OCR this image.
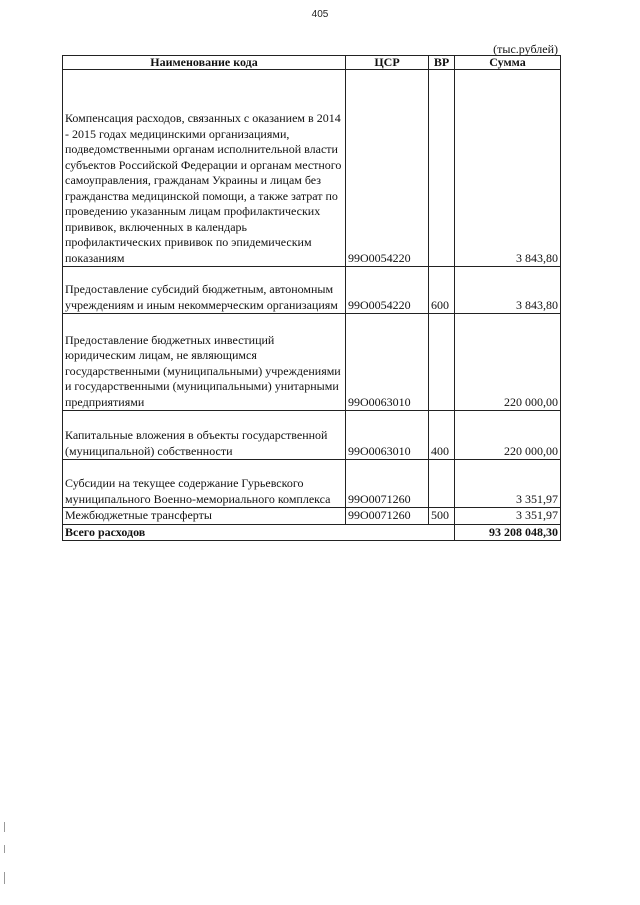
405
(тыс.рублей)
Наименование кода	ЦСР	ВР	Сумма
Компенсация расходов, связанных с оказанием в 2014 - 2015 годах медицинскими организациями, подведомственными органам исполнительной власти субъектов Российской Федерации и органам местного самоуправления, гражданам Украины и лицам без гражданства медицинской помощи, а также затрат по проведению указанным лицам профилактических прививок, включенных в календарь профилактических прививок по эпидемическим показаниям	99О0054220		3 843,80
Предоставление субсидий бюджетным, автономным учреждениям и иным некоммерческим организациям	99О0054220	600	3 843,80
Предоставление бюджетных инвестиций юридическим лицам, не являющимся государственными (муниципальными) учреждениями и государственными (муниципальными) унитарными предприятиями	99О0063010		220 000,00
Капитальные вложения в объекты государственной (муниципальной) собственности	99О0063010	400	220 000,00
Субсидии на текущее содержание Гурьевского муниципального Военно-мемориального комплекса	99О0071260		3 351,97
Межбюджетные трансферты	99О0071260	500	3 351,97
Всего расходов			93 208 048,30
